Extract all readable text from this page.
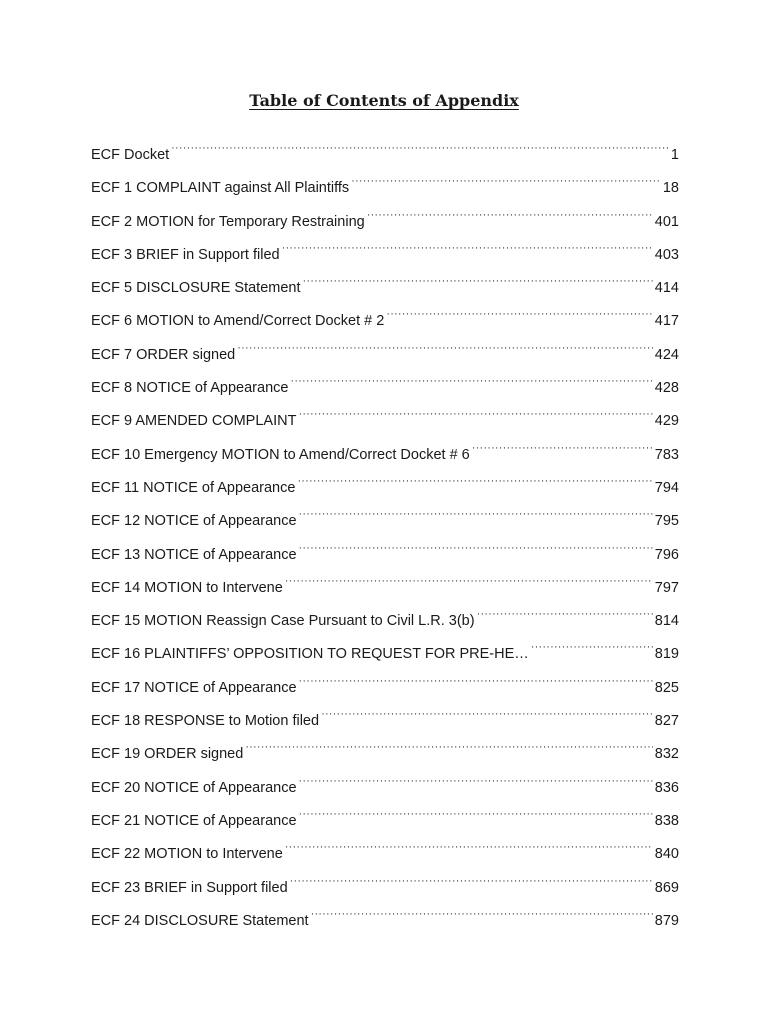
Table of Contents of Appendix
ECF Docket ·····	1
ECF 1 COMPLAINT against All Plaintiffs ·····	18
ECF 2 MOTION for Temporary Restraining ·····	401
ECF 3 BRIEF in Support filed ·····	403
ECF 5 DISCLOSURE Statement ·····	414
ECF 6 MOTION to Amend/Correct Docket # 2 ·····	417
ECF 7 ORDER signed ·····	424
ECF 8 NOTICE of Appearance ·····	428
ECF 9 AMENDED COMPLAINT ·····	429
ECF 10 Emergency MOTION to Amend/Correct Docket # 6 ·····	783
ECF 11 NOTICE of Appearance ·····	794
ECF 12 NOTICE of Appearance ·····	795
ECF 13 NOTICE of Appearance ·····	796
ECF 14 MOTION to Intervene ·····	797
ECF 15 MOTION Reassign Case Pursuant to Civil L.R. 3(b) ·····	814
ECF 16 PLAINTIFFS’ OPPOSITION TO REQUEST FOR PRE-HE… ·····	819
ECF 17 NOTICE of Appearance ·····	825
ECF 18 RESPONSE to Motion filed ·····	827
ECF 19 ORDER signed ·····	832
ECF 20 NOTICE of Appearance ·····	836
ECF 21 NOTICE of Appearance ·····	838
ECF 22 MOTION to Intervene ·····	840
ECF 23 BRIEF in Support filed ·····	869
ECF 24 DISCLOSURE Statement ·····	879
